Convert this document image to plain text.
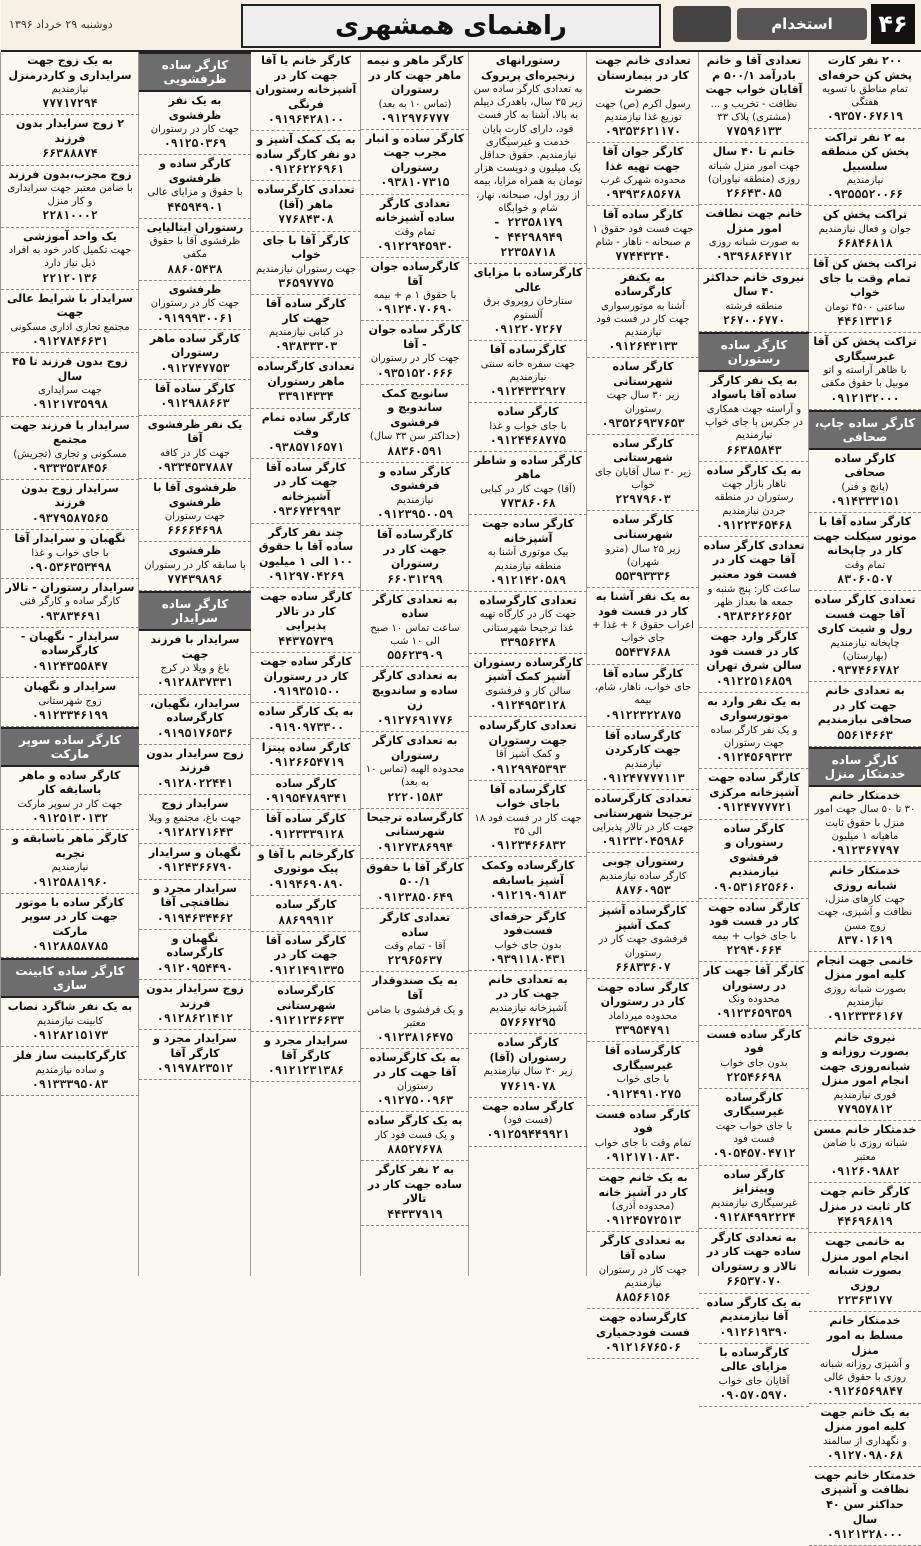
۴۶
استخدام
راهنمای همشهری
دوشنبه ۲۹ خرداد ۱۳۹۶
۲۰۰ نفر کارت پخش کن حرفه‌ای
تمام مناطق با تسویه هفتگی
۰۹۳۵۷۰۶۷۶۱۹
به ۲ نفر تراکت پخش کن منطقه سلسبیل
نیازمندیم
۰۹۳۵۵۵۲۰۰۶۶
تراکت پخش کن
جوان و فعال نیازمندیم
۶۶۸۴۶۸۱۸
تراکت پخش کن آقا تمام وقت با جای خواب
ساعتی ۴۵۰۰ تومان
۴۴۶۱۳۳۱۶
تراکت پخش کن آقا غیرسیگاری
با ظاهر آراسته و اتو موبیل با حقوق مکفی
۰۹۱۲۱۳۲۰۰۰
کارگر ساده چاپ، صحافی
کارگر ساده صحافی
(پانچ و فنر)
۰۹۱۴۳۳۳۱۵۱
کارگر ساده آقا با موتور سیکلت جهت کار در چاپخانه
تمام وقت
۸۳۰۶۰۵۰۷
تعدادی کارگر ساده آقا جهت فست رول و شیت کاری
چاپخانه نیازمندیم (بهارستان)
۰۹۳۷۴۶۶۷۸۲
به تعدادی خانم جهت کار در صحافی نیازمندیم
۵۵۶۱۴۶۶۳
کارگر ساده خدمتکار منزل
خدمتکار خانم
۳۰ تا ۵۰ سال جهت امور منزل با حقوق ثابت ماهیانه ۱ میلیون
۰۹۱۲۳۶۷۷۹۷
خدمتکار خانم شبانه روزی
جهت کارهای منزل، نظافت و آشپزی، جهت زوج مسن
۸۳۷۰۱۶۱۹
خانمی جهت انجام کلیه امور منزل
بصورت شبانه روزی نیازمندیم
۰۹۱۲۳۳۳۶۱۶۷
نیروی خانم بصورت روزانه و شبانه‌روزی جهت انجام امور منزل
فوری نیازمندیم
۷۷۹۵۷۸۱۲
خدمتکار خانم مسن
شبانه روزی با ضامن معتبر
۰۹۱۲۶۰۹۸۸۲
کارگر خانم جهت کار ثابت در منزل
۴۴۶۹۶۸۱۹
به خانمی جهت انجام امور منزل بصورت شبانه روزی
۲۲۳۶۳۱۷۷
خدمتکار خانم مسلط به امور منزل
و آشپزی روزانه شبانه روزی با حقوق عالی
۰۹۱۲۶۵۶۹۸۴۷
به یک خانم جهت کلیه امور منزل
و نگهداری از سالمند
۰۹۱۲۷۰۹۸۰۶۸
خدمتکار خانم جهت نظافت و آشپزی حداکثر سن ۴۰ سال
۰۹۱۲۱۳۲۸۰۰۰
تعدادی آقا و خانم بادرآمد ۵۰۰/۱ م آقایان خواب جهت
نظافت - تخریب و ... (مشتری) پلاک ۳۳
۷۷۵۹۶۱۳۳
خانم تا ۴۰ سال
جهت امور منزل شبانه روزی (منطقه نیاوران)
۲۶۶۴۳۰۸۵
خانم جهت نظافت امور منزل
به صورت شبانه روزی
۰۹۳۹۶۸۶۴۷۱۲
نیروی خانم حداکثر ۴۰ سال
منطقه فرشته
۲۶۷۰۰۶۷۷۰
کارگر ساده رستوران
به یک نفر کارگر ساده آقا باسواد
و آراسته جهت همکاری در جکرس با جای خواب نیازمندیم
۶۶۳۸۵۸۴۳
به یک کارگر ساده
ناهار بازار جهت رستوران در منطقه جردن نیازمندیم
۰۹۱۲۲۳۶۵۴۶۸
تعدادی کارگر ساده آقا جهت کار در فست فود معتبر
ساعت کار: پنج شنبه و جمعه ها بعداز ظهر
۰۹۳۸۳۶۲۶۶۵۲
کارگر وارد جهت کار در فست فود سالن شرق تهران
۰۹۱۲۲۵۱۶۸۵۹
به یک نفر وارد به موتورسواری
و یک نفر کارگر ساده جهت رستوران
۰۹۱۲۴۵۶۹۳۲۳
کارگر ساده جهت آشپزخانه مرکزی
۰۹۱۲۴۷۷۷۷۲۱
کارگر ساده رستوران و فرفشوی نیازمندیم
۰۹۰۵۳۱۶۲۵۶۶۰
کارگر ساده جهت کار در فست فود
با جای خواب + بیمه
۲۲۹۴۰۶۶۴
کارگر آقا جهت کار در رستوران
محدوده ونک
۰۹۱۲۳۶۵۹۳۵۹
کارگر ساده فست فود
بدون جای خواب
۲۲۵۴۶۶۹۸
کارگرساده غیرسیگاری
با جای خواب جهت فست فود
۰۹۰۵۴۵۷۰۴۷۱۲
کارگر ساده وپیتزایز
غیرسیگاری نیازمندیم
۰۹۱۲۸۴۹۹۲۲۲۴
به تعدادی کارگر ساده جهت کار در تالار و رستوران
۶۶۵۳۷۰۷۰
به یک کارگر ساده آقا نیازمندیم
۰۹۱۲۶۱۹۳۹۰
کارگرساده با مزایای عالی
آقایان جای خواب
۰۹۰۵۷۰۵۹۷۰
تعدادی خانم جهت کار در بیمارستان حضرت
رسول اکرم (ص) جهت توزیع غذا نیازمندیم
۰۹۳۵۳۶۲۱۱۷۰
کارگر جوان آقا جهت تهیه غذا
محدوده شهرک غرب
۰۹۳۹۳۶۸۵۶۷۸
کارگر ساده آقا
جهت فست فود حقوق ۱ م صبحانه - ناهار - شام
۷۷۴۴۳۲۴۰
به یکنفر کارگرساده
آشنا به موتورسواری جهت کار در فست فود نیازمندیم
۰۹۱۲۶۴۳۱۳۳
کارگر ساده شهرستانی
زیر ۳۰ سال جهت رستوران
۰۹۳۵۲۶۹۳۷۶۵۳
کارگر ساده شهرستانی
زیر ۳۰ سال آقایان جای خواب
۲۲۹۷۹۶۰۳
کارگر ساده شهرستانی
زیر ۲۵ سال (مترو شهران)
۵۵۳۹۳۳۳۶
به یک نفر آشنا به کار در فست فود
اعراب حقوق ۶ + غذا + جای خواب
۵۵۴۳۷۶۸۸
کارگر ساده آقا
جای خواب، ناهار، شام، بیمه
۰۹۱۲۲۳۲۲۸۷۵
کارگرساده آقا جهت کارکردن
نیازمندیم
۰۹۱۲۴۷۷۷۷۱۱۳
تعدادی کارگرساده ترجیحا شهرستانی
جهت کار در تالار پذیرایی
۰۹۱۲۳۲۰۴۵۹۸۶
رستوران چوبی
کارگر ساده نیازمندیم
۸۸۷۶۰۹۵۳
کارگرساده آشپز کمک آشپز
فرفشوی جهت کار در رستوران
۶۶۸۳۳۶۰۷
کارگر ساده جهت کار در رستوران
محدوده میرداماد
۳۳۹۵۴۷۹۱
کارگرساده آقا غیرسیگاری
با جای خواب
۰۹۱۲۴۹۱۰۲۷۵
کارگر ساده فست فود
تمام وقت با جای خواب
۰۹۱۲۱۷۱۰۸۳۰
به یک خانم جهت کار در آشپز خانه
(محدوده آذری)
۰۹۱۲۴۵۷۲۵۱۳
به تعدادی کارگر ساده آقا
جهت کار در رستوران نیازمندیم
۸۸۵۶۶۱۵۶
کارگرساده جهت فست فودجمیاری
۰۹۱۲۱۶۷۶۵۰۶
رستورانهای زنجیره‌ای پریروک
به تعدادی کارگر ساده سن زیر ۳۵ سال، باهدرک دیپلم به بالا، آشنا به کار فست فود، دارای کارت پایان خدمت و غیرسیگاری نیازمندیم. حقوق حداقل یک میلیون و دویست هزار تومان به همراه مزایا، بیمه از روز اول، صبحانه، نهار، شام و خوابگاه
۲۲۳۵۸۱۷۹ - ۴۴۲۹۸۹۴۹ - ۲۲۳۵۸۷۱۸
کارگرساده با مزایای عالی
ستارخان روبروی برق آلستوم
۰۹۱۲۲۰۷۲۶۷
کارگرساده آقا
جهت سفره خانه سنتی نیازمندیم
۰۹۱۲۴۳۳۲۹۲۷
کارگر ساده
با جای خواب و غذا
۰۹۱۲۴۴۶۸۷۷۵
کارگر ساده و شاطر ماهر
(آقا) جهت کار در کبابی
۷۷۳۸۶۰۶۸
کارگر ساده جهت آشپزخانه
بیک موتوری آشنا به منطقه نیازمندیم
۰۹۱۲۱۴۲۰۵۸۹
تعدادی کارگرساده
جهت کار در کارگاه تهیه غذا ترجیحا شهرستانی
۳۳۹۵۶۲۴۸
کارگرساده رستوران آشپز کمک آشپز
سالن کار و فرفشوی
۰۹۱۲۴۹۵۳۱۲۸
تعدادی کارگرساده جهت رستوران
و کمک آشپز آقا
۰۹۱۲۹۹۴۵۳۹۳
کارگرساده آقا باجای خواب
جهت کار در فست فود ۱۸ الی ۳۵
۰۹۱۲۳۴۶۶۸۳۲
کارگرساده وکمک آشپز باسابقه
۰۹۱۲۱۹۰۹۱۸۳
کارگر حرفه‌ای فست‌فود
بدون جای خواب
۰۹۳۹۱۱۸۰۴۳۱
به تعدادی خانم جهت کار در
آشپزخانه نیازمندیم
۵۷۶۶۷۲۹۵
کارگر ساده رستوران (آقا)
زیر ۳۰ سال نیازمندیم
۷۷۶۱۹۰۷۸
کارگر ساده جهت
(فست فود)
۰۹۱۲۵۹۴۴۹۹۲۱
کارگر ماهر و نیمه ماهر جهت کار در رستوران
(تماس ۱۰ به بعد)
۰۹۱۲۹۷۶۷۷۷
کارگر ساده و انبار مجرب جهت رستوران
۰۹۳۸۱۰۷۳۱۵
تعدادی کارگر ساده آشپزخانه
تمام وقت
۰۹۱۲۲۹۴۵۹۳۰
کارگرساده جوان آقا
با حقوق ۱ م + بیمه
۰۹۱۲۴۰۷۰۶۹۰
کارگر ساده جوان - آقا
جهت کار در رستوران
۰۹۳۵۱۵۲۰۶۶۶
سانویچ کمک ساندویچ و فرفشوی
(حداکثر سن ۳۳ سال)
۸۸۳۶۰۵۹۱
کارگر ساده و فرفشوی
نیازمندیم
۰۹۱۲۳۹۵۰۰۵۹
کارگرساده آقا جهت کار در رستوران
۶۶۰۳۱۲۹۹
به تعدادی کارگر ساده
ساعت تماس ۱۰ صبح الی ۱۰ شب
۵۵۶۲۳۹۰۹
به تعدادی کارگر ساده و ساندویچ زن
۰۹۱۲۷۶۹۱۷۷۶
به تعدادی کارگر رستوران
محدوده الهیه (تماس ۱۰ به بعد)
۲۲۲۰۱۵۸۳
کارگرساده ترجیحا شهرستانی
۰۹۱۲۷۳۸۶۹۹۴
کارگر آقا با حقوق ۵۰۰/۱
۰۹۱۲۳۸۵۰۶۴۹
تعدادی کارگر ساده
آقا - تمام وقت
۲۲۹۶۵۶۳۷
به یک صندوقدار آقا
و یک فرفشوی با ضامن معتبر
۰۹۱۲۳۸۱۶۴۷۵
به یک کارگرساده آقا جهت کار در
رستوران
۰۹۱۲۷۵۰۰۹۶۳
به یک کارگر ساده
و یک فست فود کار
۸۸۵۲۷۶۷۸
به ۲ نفر کارگر ساده جهت کار در تالار
۴۴۳۳۷۹۱۹
کارگر خانم یا آقا جهت کار در آشپزخانه رستوران فرنگی
۰۹۱۹۶۴۲۸۱۰۰
به یک کمک آشپز و دو نفر کارگر ساده
۰۹۱۲۶۲۲۶۹۶۱
تعدادی کارگرساده ماهر (آقا)
۷۷۶۸۴۳۰۸
کارگر آقا با جای خواب
جهت رستوران نیازمندیم
۳۶۵۹۷۷۷۵
کارگر ساده آقا جهت کار
در کبابی نیازمندیم
۰۹۳۸۳۳۳۰۳
تعدادی کارگرساده ماهر رستوران
۳۳۹۱۴۳۳۴
کارگر ساده تمام وقت
۰۹۳۸۵۷۱۶۵۷۱
کارگر ساده آقا جهت کار در آشپزخانه
۰۹۳۶۷۴۲۹۹۳
چند نفر کارگر ساده آقا با حقوق ۱۰۰ الی ۱ میلیون
۰۹۱۲۹۷۰۴۲۶۹
کارگر ساده جهت کار در تالار پذیرایی
۴۴۳۷۵۷۳۹
کارگر ساده جهت کار در رستوران
۰۹۱۹۳۵۱۵۰۰
به یک کارگر ساده
۰۹۱۹۰۹۷۳۳۰۰
کارگر ساده پیتزا
۰۹۱۲۶۶۵۴۷۱۹
کارگر ساده
۰۹۱۹۵۴۷۸۹۳۴۱
کارگر ساده آقا
۰۹۱۲۳۳۳۹۱۲۸
کارگرخانم با آقا و پیک موتوری
۰۹۱۹۴۶۹۰۸۹۰
کارگر ساده
۸۸۶۹۹۹۱۲
کارگر ساده آقا جهت کار در
۰۹۱۲۱۴۹۱۳۳۵
کارگرساده شهرستانی
۰۹۱۲۱۲۳۶۶۳۳
سرایدار مجرد و کارگر آقا
۰۹۱۲۱۲۳۱۳۸۶
کارگر ساده ظرفشویی
به یک نفر ظرفشوی
جهت کار در رستوران
۰۹۱۲۵۰۳۶۹
کارگر ساده و ظرفشوی
با حقوق و مزایای عالی
۴۴۵۹۴۹۰۱
رستوران ایتالیایی
ظرفشوی آقا با حقوق مکفی
۸۸۶۰۵۴۳۸
ظرفشوی
جهت کار در رستوران
۰۹۱۹۹۹۳۰۰۶۱
کارگر ساده ماهر رستوران
۰۹۱۲۷۴۷۷۵۳
کارگر ساده آقا
۰۹۱۲۹۸۸۶۶۳
یک نفر ظرفشوی آقا
جهت کار در کافه
۰۹۳۳۴۵۳۷۸۸۷
ظرفشوی آقا با ظرفشوی
جهت رستوران
۶۶۶۶۴۶۹۸
ظرفشوی
با سابقه کار در رستوران
۷۷۴۳۹۸۹۶
کارگر ساده سرایدار
سرایدار با فرزند جهت
باغ و ویلا در کرج
۰۹۱۲۸۸۳۷۳۳۱
سرایدار، نگهبان، کارگرساده
۰۹۱۹۵۱۷۶۵۳۶
زوج سرایدار بدون فرزند
۰۹۱۲۸۰۲۲۴۴۱
سرایدار زوج
جهت باغ، مجتمع و ویلا
۰۹۱۲۸۲۷۱۶۴۳
نگهبان و سرایدار
۰۹۱۲۴۳۶۶۷۹۰
سرایدار مجرد و نظافتچی آقا
۰۹۱۹۴۶۳۴۴۶۲
نگهبان و کارگرساده
۰۹۱۲۰۹۵۴۴۹۰
زوج سرایدار بدون فرزند
۰۹۱۲۸۶۲۱۴۱۲
سرایدار مجرد و کارگر آقا
۰۹۱۹۷۸۲۳۵۱۲
به یک زوج جهت سرایداری و کاردرمنزل
نیازمندیم
۷۷۷۱۷۲۹۴
۲ زوج سرایدار بدون فرزند
۶۶۳۸۸۸۷۴
زوج مجرب،بدون فرزند
با ضامن معتبر جهت سرایداری و کار منزل
۲۲۸۱۰۰۰۲
یک واحد آموزشی
جهت تکمیل کادر خود به افراد ذیل نیاز دارد
۲۲۱۲۰۱۳۶
سرایدار با شرایط عالی جهت
مجتمع تجاری اداری مسکونی
۰۹۱۲۷۸۴۶۶۳۱
زوج بدون فرزند تا ۴۵ سال
جهت سرایداری
۰۹۱۲۱۷۳۵۹۹۸
سرایدار با فرزند جهت مجتمع
مسکونی و تجاری (تجریش)
۰۹۳۳۳۵۳۸۴۵۶
سرایدار زوج بدون فرزند
۰۹۳۷۹۵۸۷۵۶۵
نگهبان و سرایدار آقا
با جای خواب و غذا
۰۹۰۵۳۶۳۵۳۴۹۸
سرایدار رستوران - تالار
کارگر ساده و کارگر فنی
۰۹۳۸۳۴۶۹۱
سرایدار - نگهبان - کارگرساده
۰۹۱۲۴۳۵۵۸۴۷
سرایدار و نگهبان
زوج شهرستانی
۰۹۱۲۳۳۴۶۱۹۹
کارگر ساده سوپر مارکت
کارگر ساده و ماهر باسابقه کار
جهت کار در سوپر مارکت
۰۹۱۲۵۱۳۰۱۳۲
کارگر ماهر باسابقه و تجربه
نیازمندیم
۰۹۱۲۵۸۸۱۹۶۰
کارگر ساده با موتور جهت کار در سوپر مارکت
۰۹۱۲۸۸۵۸۷۸۵
کارگر ساده کابینت سازی
به یک نفر شاگرد نصاب
کابینت نیازمندیم
۰۹۱۲۸۲۱۵۱۷۳
کارگرکابینت ساز فلز
و ساده نیازمندیم
۰۹۱۳۳۳۹۵۰۸۳
